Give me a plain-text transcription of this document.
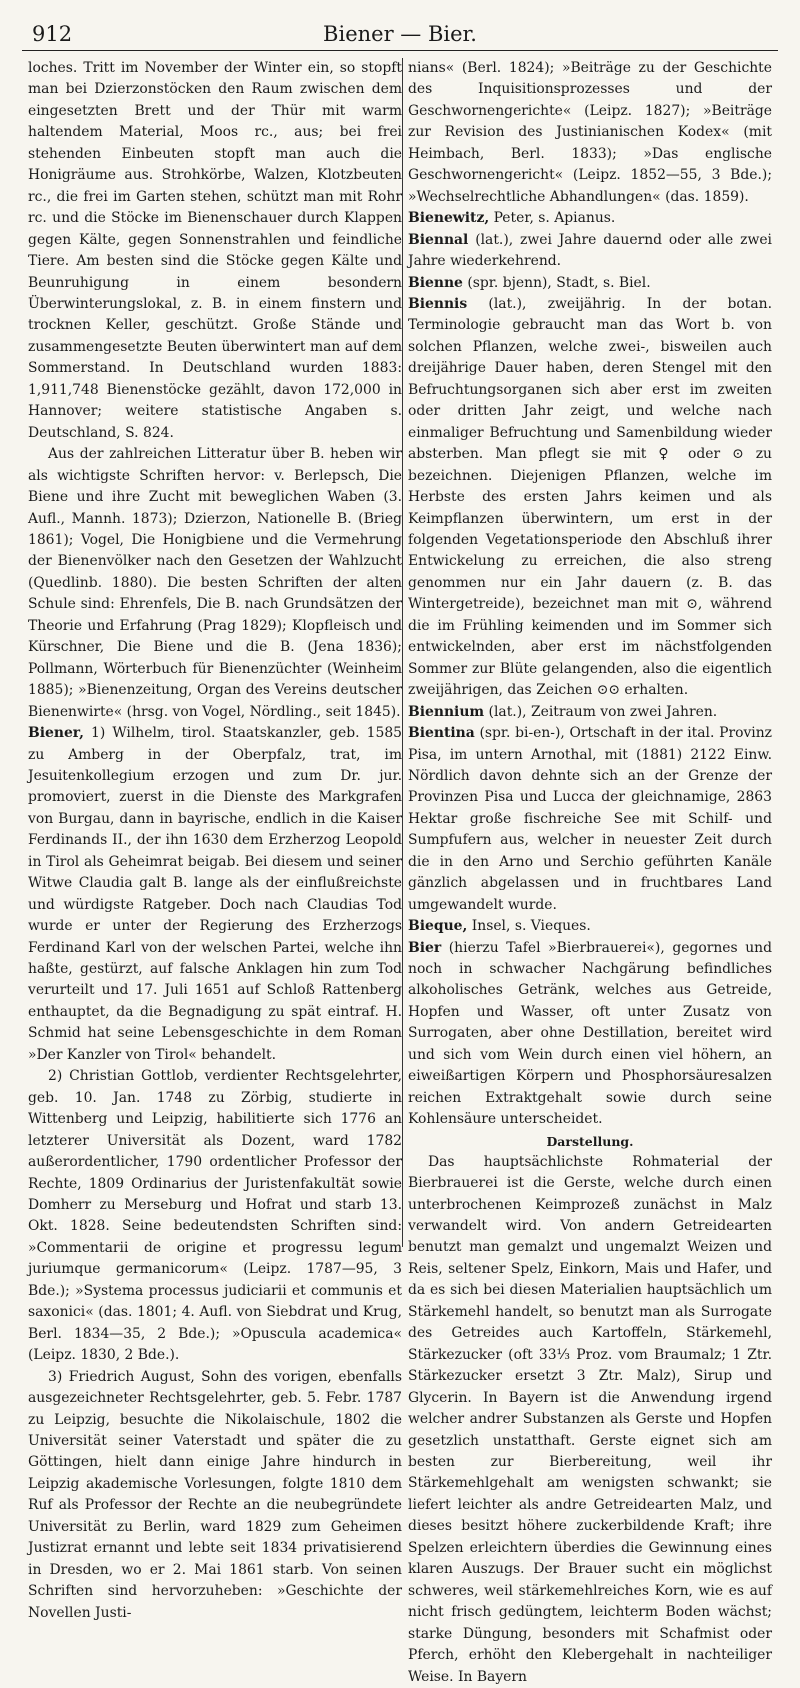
912	Biener — Bier.

loches. Tritt im November der Winter ein, so stopft man bei Dzierzonstöcken den Raum zwischen dem eingesetzten Brett und der Thür mit warm haltendem Material, Moos rc., aus; bei frei stehenden Einbeuten stopft man auch die Honigräume aus. Strohkörbe, Walzen, Klotzbeuten rc., die frei im Garten stehen, schützt man mit Rohr rc. und die Stöcke im Bienenschauer durch Klappen gegen Kälte, gegen Sonnenstrahlen und feindliche Tiere. Am besten sind die Stöcke gegen Kälte und Beunruhigung in einem besondern Überwinterungslokal, z. B. in einem finstern und trocknen Keller, geschützt. Große Stände und zusammengesetzte Beuten überwintert man auf dem Sommerstand. In Deutschland wurden 1883: 1,911,748 Bienenstöcke gezählt, davon 172,000 in Hannover; weitere statistische Angaben s. Deutschland, S. 824.

Aus der zahlreichen Litteratur über B. heben wir als wichtigste Schriften hervor: v. Berlepsch, Die Biene und ihre Zucht mit beweglichen Waben (3. Aufl., Mannh. 1873); Dzierzon, Nationelle B. (Brieg 1861); Vogel, Die Honigbiene und die Vermehrung der Bienenvölker nach den Gesetzen der Wahlzucht (Quedlinb. 1880). Die besten Schriften der alten Schule sind: Ehrenfels, Die B. nach Grundsätzen der Theorie und Erfahrung (Prag 1829); Klopfleisch und Kürschner, Die Biene und die B. (Jena 1836); Pollmann, Wörterbuch für Bienenzüchter (Weinheim 1885); »Bienenzeitung, Organ des Vereins deutscher Bienenwirte« (hrsg. von Vogel, Nördling., seit 1845).

Biener, 1) Wilhelm, tirol. Staatskanzler, geb. 1585 zu Amberg in der Oberpfalz, trat, im Jesuitenkollegium erzogen und zum Dr. jur. promoviert, zuerst in die Dienste des Markgrafen von Burgau, dann in bayrische, endlich in die Kaiser Ferdinands II., der ihn 1630 dem Erzherzog Leopold in Tirol als Geheimrat beigab. Bei diesem und seiner Witwe Claudia galt B. lange als der einflußreichste und würdigste Ratgeber. Doch nach Claudias Tod wurde er unter der Regierung des Erzherzogs Ferdinand Karl von der welschen Partei, welche ihn haßte, gestürzt, auf falsche Anklagen hin zum Tod verurteilt und 17. Juli 1651 auf Schloß Rattenberg enthauptet, da die Begnadigung zu spät eintraf. H. Schmid hat seine Lebensgeschichte in dem Roman »Der Kanzler von Tirol« behandelt.

2) Christian Gottlob, verdienter Rechtsgelehrter, geb. 10. Jan. 1748 zu Zörbig, studierte in Wittenberg und Leipzig, habilitierte sich 1776 an letzterer Universität als Dozent, ward 1782 außerordentlicher, 1790 ordentlicher Professor der Rechte, 1809 Ordinarius der Juristenfakultät sowie Domherr zu Merseburg und Hofrat und starb 13. Okt. 1828. Seine bedeutendsten Schriften sind: »Commentarii de origine et progressu legum juriumque germanicorum« (Leipz. 1787—95, 3 Bde.); »Systema processus judiciarii et communis et saxonici« (das. 1801; 4. Aufl. von Siebdrat und Krug, Berl. 1834—35, 2 Bde.); »Opuscula academica« (Leipz. 1830, 2 Bde.).

3) Friedrich August, Sohn des vorigen, ebenfalls ausgezeichneter Rechtsgelehrter, geb. 5. Febr. 1787 zu Leipzig, besuchte die Nikolaischule, 1802 die Universität seiner Vaterstadt und später die zu Göttingen, hielt dann einige Jahre hindurch in Leipzig akademische Vorlesungen, folgte 1810 dem Ruf als Professor der Rechte an die neubegründete Universität zu Berlin, ward 1829 zum Geheimen Justizrat ernannt und lebte seit 1834 privatisierend in Dresden, wo er 2. Mai 1861 starb. Von seinen Schriften sind hervorzuheben: »Geschichte der Novellen Justi-

nians« (Berl. 1824); »Beiträge zu der Geschichte des Inquisitionsprozesses und der Geschwornengerichte« (Leipz. 1827); »Beiträge zur Revision des Justinianischen Kodex« (mit Heimbach, Berl. 1833); »Das englische Geschwornengericht« (Leipz. 1852—55, 3 Bde.); »Wechselrechtliche Abhandlungen« (das. 1859).

Bienewitz, Peter, s. Apianus.

Biennal (lat.), zwei Jahre dauernd oder alle zwei Jahre wiederkehrend.

Bienne (spr. bjenn), Stadt, s. Biel.

Biennis (lat.), zweijährig. In der botan. Terminologie gebraucht man das Wort b. von solchen Pflanzen, welche zwei-, bisweilen auch dreijährige Dauer haben, deren Stengel mit den Befruchtungsorganen sich aber erst im zweiten oder dritten Jahr zeigt, und welche nach einmaliger Befruchtung und Samenbildung wieder absterben. Man pflegt sie mit ♀ oder ⊙ zu bezeichnen. Diejenigen Pflanzen, welche im Herbste des ersten Jahrs keimen und als Keimpflanzen überwintern, um erst in der folgenden Vegetationsperiode den Abschluß ihrer Entwickelung zu erreichen, die also streng genommen nur ein Jahr dauern (z. B. das Wintergetreide), bezeichnet man mit ⊙, während die im Frühling keimenden und im Sommer sich entwickelnden, aber erst im nächstfolgenden Sommer zur Blüte gelangenden, also die eigentlich zweijährigen, das Zeichen ⊙⊙ erhalten.

Biennium (lat.), Zeitraum von zwei Jahren.

Bientina (spr. bi-en-), Ortschaft in der ital. Provinz Pisa, im untern Arnothal, mit (1881) 2122 Einw. Nördlich davon dehnte sich an der Grenze der Provinzen Pisa und Lucca der gleichnamige, 2863 Hektar große fischreiche See mit Schilf- und Sumpfufern aus, welcher in neuester Zeit durch die in den Arno und Serchio geführten Kanäle gänzlich abgelassen und in fruchtbares Land umgewandelt wurde.

Bieque, Insel, s. Vieques.

Bier (hierzu Tafel »Bierbrauerei«), gegornes und noch in schwacher Nachgärung befindliches alkoholisches Getränk, welches aus Getreide, Hopfen und Wasser, oft unter Zusatz von Surrogaten, aber ohne Destillation, bereitet wird und sich vom Wein durch einen viel höhern, an eiweißartigen Körpern und Phosphorsäuresalzen reichen Extraktgehalt sowie durch seine Kohlensäure unterscheidet.

Darstellung.

Das hauptsächlichste Rohmaterial der Bierbrauerei ist die Gerste, welche durch einen unterbrochenen Keimprozeß zunächst in Malz verwandelt wird. Von andern Getreidearten benutzt man gemalzt und ungemalzt Weizen und Reis, seltener Spelz, Einkorn, Mais und Hafer, und da es sich bei diesen Materialien hauptsächlich um Stärkemehl handelt, so benutzt man als Surrogate des Getreides auch Kartoffeln, Stärkemehl, Stärkezucker (oft 33⅓ Proz. vom Braumalz; 1 Ztr. Stärkezucker ersetzt 3 Ztr. Malz), Sirup und Glycerin. In Bayern ist die Anwendung irgend welcher andrer Substanzen als Gerste und Hopfen gesetzlich unstatthaft. Gerste eignet sich am besten zur Bierbereitung, weil ihr Stärkemehlgehalt am wenigsten schwankt; sie liefert leichter als andre Getreidearten Malz, und dieses besitzt höhere zuckerbildende Kraft; ihre Spelzen erleichtern überdies die Gewinnung eines klaren Auszugs. Der Brauer sucht ein möglichst schweres, weil stärkemehlreiches Korn, wie es auf nicht frisch gedüngtem, leichterm Boden wächst; starke Düngung, besonders mit Schafmist oder Pferch, erhöht den Klebergehalt in nachteiliger Weise. In Bayern
